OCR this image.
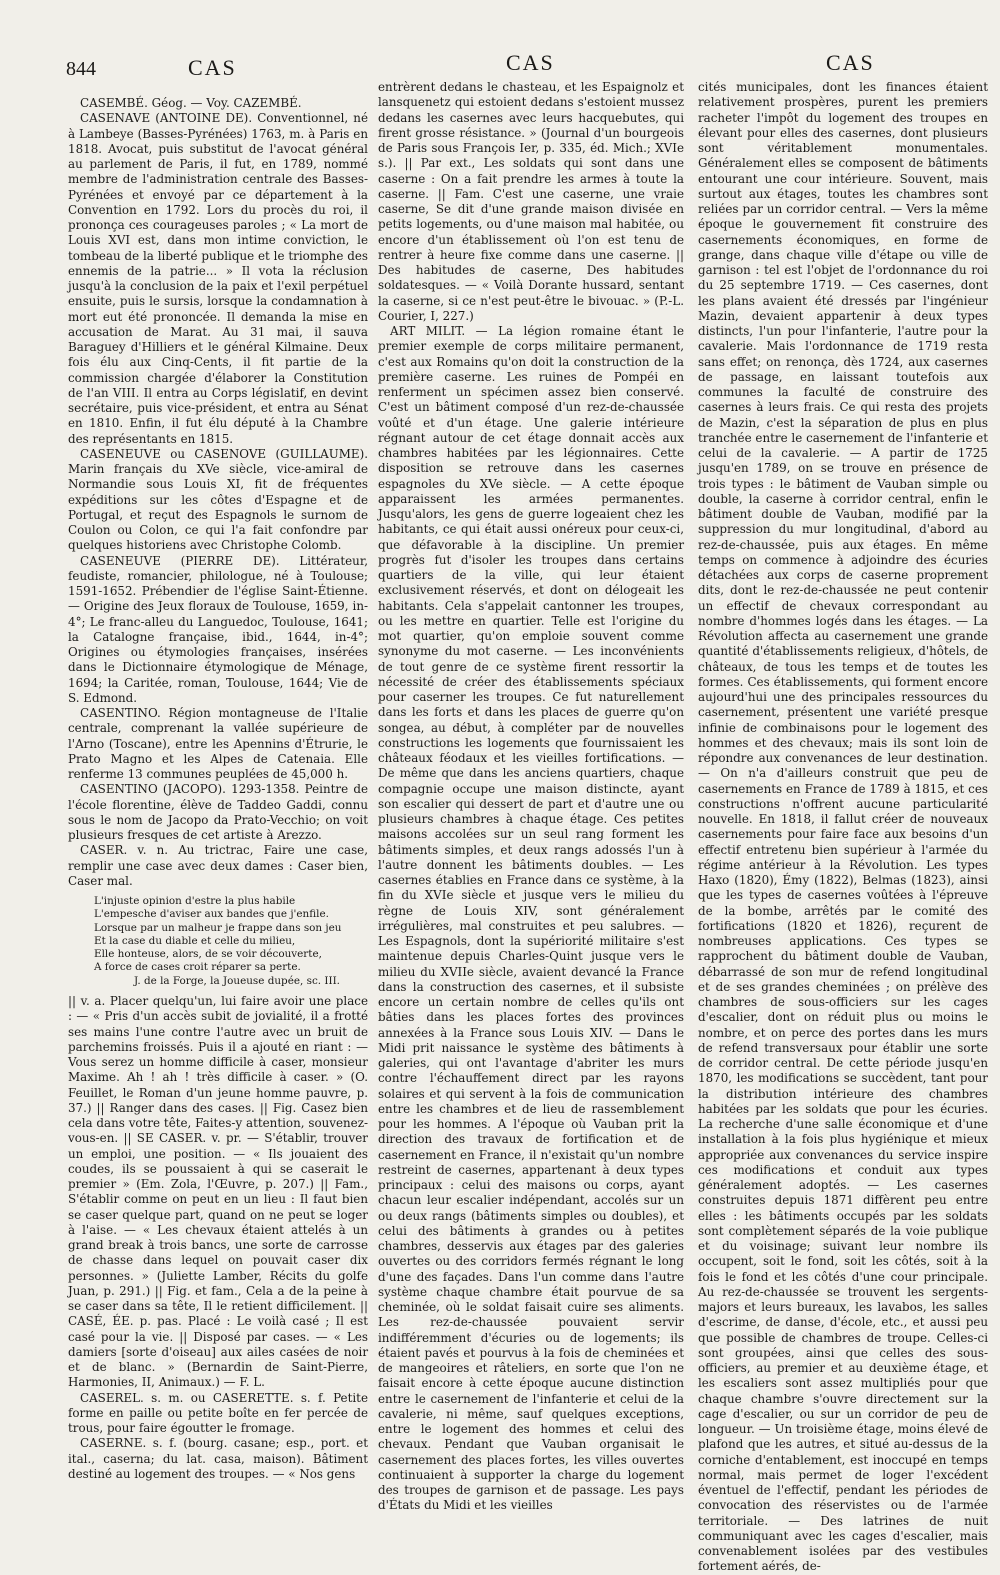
844	CAS	CAS	CAS

CASEMBÉ. Géog. — Voy. CAZEMBÉ.

CASENAVE (ANTOINE DE). Conventionnel, né à Lambeye (Basses-Pyrénées) 1763, m. à Paris en 1818. Avocat, puis substitut de l'avocat général au parlement de Paris, il fut, en 1789, nommé membre de l'administration centrale des Basses-Pyrénées et envoyé par ce département à la Convention en 1792. Lors du procès du roi, il prononça ces courageuses paroles ; « La mort de Louis XVI est, dans mon intime conviction, le tombeau de la liberté publique et le triomphe des ennemis de la patrie... » Il vota la réclusion jusqu'à la conclusion de la paix et l'exil perpétuel ensuite, puis le sursis, lorsque la condamnation à mort eut été prononcée. Il demanda la mise en accusation de Marat. Au 31 mai, il sauva Baraguey d'Hilliers et le général Kilmaine. Deux fois élu aux Cinq-Cents, il fit partie de la commission chargée d'élaborer la Constitution de l'an VIII. Il entra au Corps législatif, en devint secrétaire, puis vice-président, et entra au Sénat en 1810. Enfin, il fut élu député à la Chambre des représentants en 1815.

CASENEUVE ou CASENOVE (GUILLAUME). Marin français du XVe siècle, vice-amiral de Normandie sous Louis XI, fit de fréquentes expéditions sur les côtes d'Espagne et de Portugal, et reçut des Espagnols le surnom de Coulon ou Colon, ce qui l'a fait confondre par quelques historiens avec Christophe Colomb.

CASENEUVE (PIERRE DE). Littérateur, feudiste, romancier, philologue, né à Toulouse; 1591-1652. Prébendier de l'église Saint-Étienne. — Origine des Jeux floraux de Toulouse, 1659, in-4°; Le franc-alleu du Languedoc, Toulouse, 1641; la Catalogne française, ibid., 1644, in-4°; Origines ou étymologies françaises, insérées dans le Dictionnaire étymologique de Ménage, 1694; la Caritée, roman, Toulouse, 1644; Vie de S. Edmond.

CASENTINO. Région montagneuse de l'Italie centrale, comprenant la vallée supérieure de l'Arno (Toscane), entre les Apennins d'Étrurie, le Prato Magno et les Alpes de Catenaia. Elle renferme 13 communes peuplées de 45,000 h.

CASENTINO (JACOPO). 1293-1358. Peintre de l'école florentine, élève de Taddeo Gaddi, connu sous le nom de Jacopo da Prato-Vecchio; on voit plusieurs fresques de cet artiste à Arezzo.

CASER. v. n. Au trictrac, Faire une case, remplir une case avec deux dames : Caser bien, Caser mal.

L'injuste opinion d'estre la plus habile
L'empesche d'aviser aux bandes que j'enfile.
Lorsque par un malheur je frappe dans son jeu
Et la case du diable et celle du milieu,
Elle honteuse, alors, de se voir découverte,
A force de cases croit réparer sa perte.
J. de la Forge, la Joueuse dupée, sc. III.

|| v. a. Placer quelqu'un, lui faire avoir une place : — « Pris d'un accès subit de jovialité, il a frotté ses mains l'une contre l'autre avec un bruit de parchemins froissés. Puis il a ajouté en riant : — Vous serez un homme difficile à caser, monsieur Maxime. Ah ! ah ! très difficile à caser. » (O. Feuillet, le Roman d'un jeune homme pauvre, p. 37.) || Ranger dans des cases. || Fig. Casez bien cela dans votre tête, Faites-y attention, souvenez-vous-en. || SE CASER. v. pr. — S'établir, trouver un emploi, une position. — « Ils jouaient des coudes, ils se poussaient à qui se caserait le premier » (Em. Zola, l'Œuvre, p. 207.) || Fam., S'établir comme on peut en un lieu : Il faut bien se caser quelque part, quand on ne peut se loger à l'aise. — « Les chevaux étaient attelés à un grand break à trois bancs, une sorte de carrosse de chasse dans lequel on pouvait caser dix personnes. » (Juliette Lamber, Récits du golfe Juan, p. 291.) || Fig. et fam., Cela a de la peine à se caser dans sa tête, Il le retient difficilement. || CASÉ, ÉE. p. pas. Placé : Le voilà casé ; Il est casé pour la vie. || Disposé par cases. — « Les damiers [sorte d'oiseau] aux ailes casées de noir et de blanc. » (Bernardin de Saint-Pierre, Harmonies, II, Animaux.) — F. L.

CASEREL. s. m. ou CASERETTE. s. f. Petite forme en paille ou petite boîte en fer percée de trous, pour faire égoutter le fromage.

CASERNE. s. f. (bourg. casane; esp., port. et ital., caserna; du lat. casa, maison). Bâtiment destiné au logement des troupes. — « Nos gens

entrèrent dedans le chasteau, et les Espaignolz et lansquenetz qui estoient dedans s'estoient mussez dedans les casernes avec leurs hacquebutes, qui firent grosse résistance. » (Journal d'un bourgeois de Paris sous François Ier, p. 335, éd. Mich.; XVIe s.). || Par ext., Les soldats qui sont dans une caserne : On a fait prendre les armes à toute la caserne. || Fam. C'est une caserne, une vraie caserne, Se dit d'une grande maison divisée en petits logements, ou d'une maison mal habitée, ou encore d'un établissement où l'on est tenu de rentrer à heure fixe comme dans une caserne. || Des habitudes de caserne, Des habitudes soldatesques. — « Voilà Dorante hussard, sentant la caserne, si ce n'est peut-être le bivouac. » (P.-L. Courier, I, 227.)

ART MILIT. — La légion romaine étant le premier exemple de corps militaire permanent, c'est aux Romains qu'on doit la construction de la première caserne. Les ruines de Pompéi en renferment un spécimen assez bien conservé. C'est un bâtiment composé d'un rez-de-chaussée voûté et d'un étage. Une galerie intérieure régnant autour de cet étage donnait accès aux chambres habitées par les légionnaires. Cette disposition se retrouve dans les casernes espagnoles du XVe siècle. — A cette époque apparaissent les armées permanentes. Jusqu'alors, les gens de guerre logeaient chez les habitants, ce qui était aussi onéreux pour ceux-ci, que défavorable à la discipline. Un premier progrès fut d'isoler les troupes dans certains quartiers de la ville, qui leur étaient exclusivement réservés, et dont on délogeait les habitants. Cela s'appelait cantonner les troupes, ou les mettre en quartier. Telle est l'origine du mot quartier, qu'on emploie souvent comme synonyme du mot caserne. — Les inconvénients de tout genre de ce système firent ressortir la nécessité de créer des établissements spéciaux pour caserner les troupes. Ce fut naturellement dans les forts et dans les places de guerre qu'on songea, au début, à compléter par de nouvelles constructions les logements que fournissaient les châteaux féodaux et les vieilles fortifications. — De même que dans les anciens quartiers, chaque compagnie occupe une maison distincte, ayant son escalier qui dessert de part et d'autre une ou plusieurs chambres à chaque étage. Ces petites maisons accolées sur un seul rang forment les bâtiments simples, et deux rangs adossés l'un à l'autre donnent les bâtiments doubles. — Les casernes établies en France dans ce système, à la fin du XVIe siècle et jusque vers le milieu du règne de Louis XIV, sont généralement irrégulières, mal construites et peu salubres. — Les Espagnols, dont la supériorité militaire s'est maintenue depuis Charles-Quint jusque vers le milieu du XVIIe siècle, avaient devancé la France dans la construction des casernes, et il subsiste encore un certain nombre de celles qu'ils ont bâties dans les places fortes des provinces annexées à la France sous Louis XIV. — Dans le Midi prit naissance le système des bâtiments à galeries, qui ont l'avantage d'abriter les murs contre l'échauffement direct par les rayons solaires et qui servent à la fois de communication entre les chambres et de lieu de rassemblement pour les hommes. A l'époque où Vauban prit la direction des travaux de fortification et de casernement en France, il n'existait qu'un nombre restreint de casernes, appartenant à deux types principaux : celui des maisons ou corps, ayant chacun leur escalier indépendant, accolés sur un ou deux rangs (bâtiments simples ou doubles), et celui des bâtiments à grandes ou à petites chambres, desservis aux étages par des galeries ouvertes ou des corridors fermés régnant le long d'une des façades. Dans l'un comme dans l'autre système chaque chambre était pourvue de sa cheminée, où le soldat faisait cuire ses aliments. Les rez-de-chaussée pouvaient servir indifféremment d'écuries ou de logements; ils étaient pavés et pourvus à la fois de cheminées et de mangeoires et râteliers, en sorte que l'on ne faisait encore à cette époque aucune distinction entre le casernement de l'infanterie et celui de la cavalerie, ni même, sauf quelques exceptions, entre le logement des hommes et celui des chevaux. Pendant que Vauban organisait le casernement des places fortes, les villes ouvertes continuaient à supporter la charge du logement des troupes de garnison et de passage. Les pays d'États du Midi et les vieilles

cités municipales, dont les finances étaient relativement prospères, purent les premiers racheter l'impôt du logement des troupes en élevant pour elles des casernes, dont plusieurs sont véritablement monumentales. Généralement elles se composent de bâtiments entourant une cour intérieure. Souvent, mais surtout aux étages, toutes les chambres sont reliées par un corridor central. — Vers la même époque le gouvernement fit construire des casernements économiques, en forme de grange, dans chaque ville d'étape ou ville de garnison : tel est l'objet de l'ordonnance du roi du 25 septembre 1719. — Ces casernes, dont les plans avaient été dressés par l'ingénieur Mazin, devaient appartenir à deux types distincts, l'un pour l'infanterie, l'autre pour la cavalerie. Mais l'ordonnance de 1719 resta sans effet; on renonça, dès 1724, aux casernes de passage, en laissant toutefois aux communes la faculté de construire des casernes à leurs frais. Ce qui resta des projets de Mazin, c'est la séparation de plus en plus tranchée entre le casernement de l'infanterie et celui de la cavalerie. — A partir de 1725 jusqu'en 1789, on se trouve en présence de trois types : le bâtiment de Vauban simple ou double, la caserne à corridor central, enfin le bâtiment double de Vauban, modifié par la suppression du mur longitudinal, d'abord au rez-de-chaussée, puis aux étages. En même temps on commence à adjoindre des écuries détachées aux corps de caserne proprement dits, dont le rez-de-chaussée ne peut contenir un effectif de chevaux correspondant au nombre d'hommes logés dans les étages. — La Révolution affecta au casernement une grande quantité d'établissements religieux, d'hôtels, de châteaux, de tous les temps et de toutes les formes. Ces établissements, qui forment encore aujourd'hui une des principales ressources du casernement, présentent une variété presque infinie de combinaisons pour le logement des hommes et des chevaux; mais ils sont loin de répondre aux convenances de leur destination. — On n'a d'ailleurs construit que peu de casernements en France de 1789 à 1815, et ces constructions n'offrent aucune particularité nouvelle. En 1818, il fallut créer de nouveaux casernements pour faire face aux besoins d'un effectif entretenu bien supérieur à l'armée du régime antérieur à la Révolution. Les types Haxo (1820), Émy (1822), Belmas (1823), ainsi que les types de casernes voûtées à l'épreuve de la bombe, arrêtés par le comité des fortifications (1820 et 1826), reçurent de nombreuses applications. Ces types se rapprochent du bâtiment double de Vauban, débarrassé de son mur de refend longitudinal et de ses grandes cheminées ; on prélève des chambres de sous-officiers sur les cages d'escalier, dont on réduit plus ou moins le nombre, et on perce des portes dans les murs de refend transversaux pour établir une sorte de corridor central. De cette période jusqu'en 1870, les modifications se succèdent, tant pour la distribution intérieure des chambres habitées par les soldats que pour les écuries. La recherche d'une salle économique et d'une installation à la fois plus hygiénique et mieux appropriée aux convenances du service inspire ces modifications et conduit aux types généralement adoptés. — Les casernes construites depuis 1871 diffèrent peu entre elles : les bâtiments occupés par les soldats sont complètement séparés de la voie publique et du voisinage; suivant leur nombre ils occupent, soit le fond, soit les côtés, soit à la fois le fond et les côtés d'une cour principale. Au rez-de-chaussée se trouvent les sergents-majors et leurs bureaux, les lavabos, les salles d'escrime, de danse, d'école, etc., et aussi peu que possible de chambres de troupe. Celles-ci sont groupées, ainsi que celles des sous-officiers, au premier et au deuxième étage, et les escaliers sont assez multipliés pour que chaque chambre s'ouvre directement sur la cage d'escalier, ou sur un corridor de peu de longueur. — Un troisième étage, moins élevé de plafond que les autres, et situé au-dessus de la corniche d'entablement, est inoccupé en temps normal, mais permet de loger l'excédent éventuel de l'effectif, pendant les périodes de convocation des réservistes ou de l'armée territoriale. — Des latrines de nuit communiquant avec les cages d'escalier, mais convenablement isolées par des vestibules fortement aérés, de-
